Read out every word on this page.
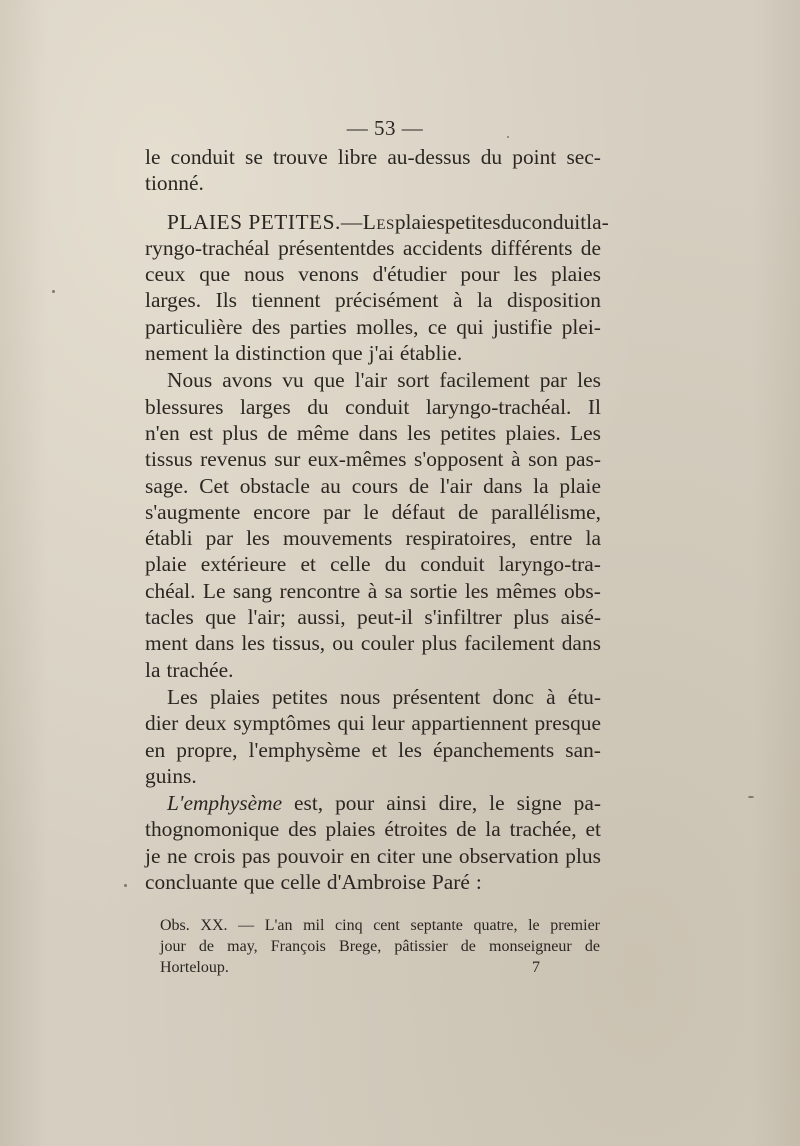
— 53 —
le conduit se trouve libre au-dessus du point sec-
tionné.
PLAIES PETITES.—Les plaies petites du conduit la-
ryngo-trachéal présententdes accidents différents de
ceux que nous venons d'étudier pour les plaies
larges. Ils tiennent précisément à la disposition
particulière des parties molles, ce qui justifie plei-
nement la distinction que j'ai établie.
Nous avons vu que l'air sort facilement par les
blessures larges du conduit laryngo-trachéal. Il
n'en est plus de même dans les petites plaies. Les
tissus revenus sur eux-mêmes s'opposent à son pas-
sage. Cet obstacle au cours de l'air dans la plaie
s'augmente encore par le défaut de parallélisme,
établi par les mouvements respiratoires, entre la
plaie extérieure et celle du conduit laryngo-tra-
chéal. Le sang rencontre à sa sortie les mêmes obs-
tacles que l'air; aussi, peut-il s'infiltrer plus aisé-
ment dans les tissus, ou couler plus facilement dans
la trachée.
Les plaies petites nous présentent donc à étu-
dier deux symptômes qui leur appartiennent presque
en propre, l'emphysème et les épanchements san-
guins.
L'emphysème est, pour ainsi dire, le signe pa-
thognomonique des plaies étroites de la trachée, et
je ne crois pas pouvoir en citer une observation plus
concluante que celle d'Ambroise Paré :
Obs. XX. — L'an mil cinq cent septante quatre, le premier
jour de may, François Brege, pâtissier de monseigneur de
Horteloup.	7
